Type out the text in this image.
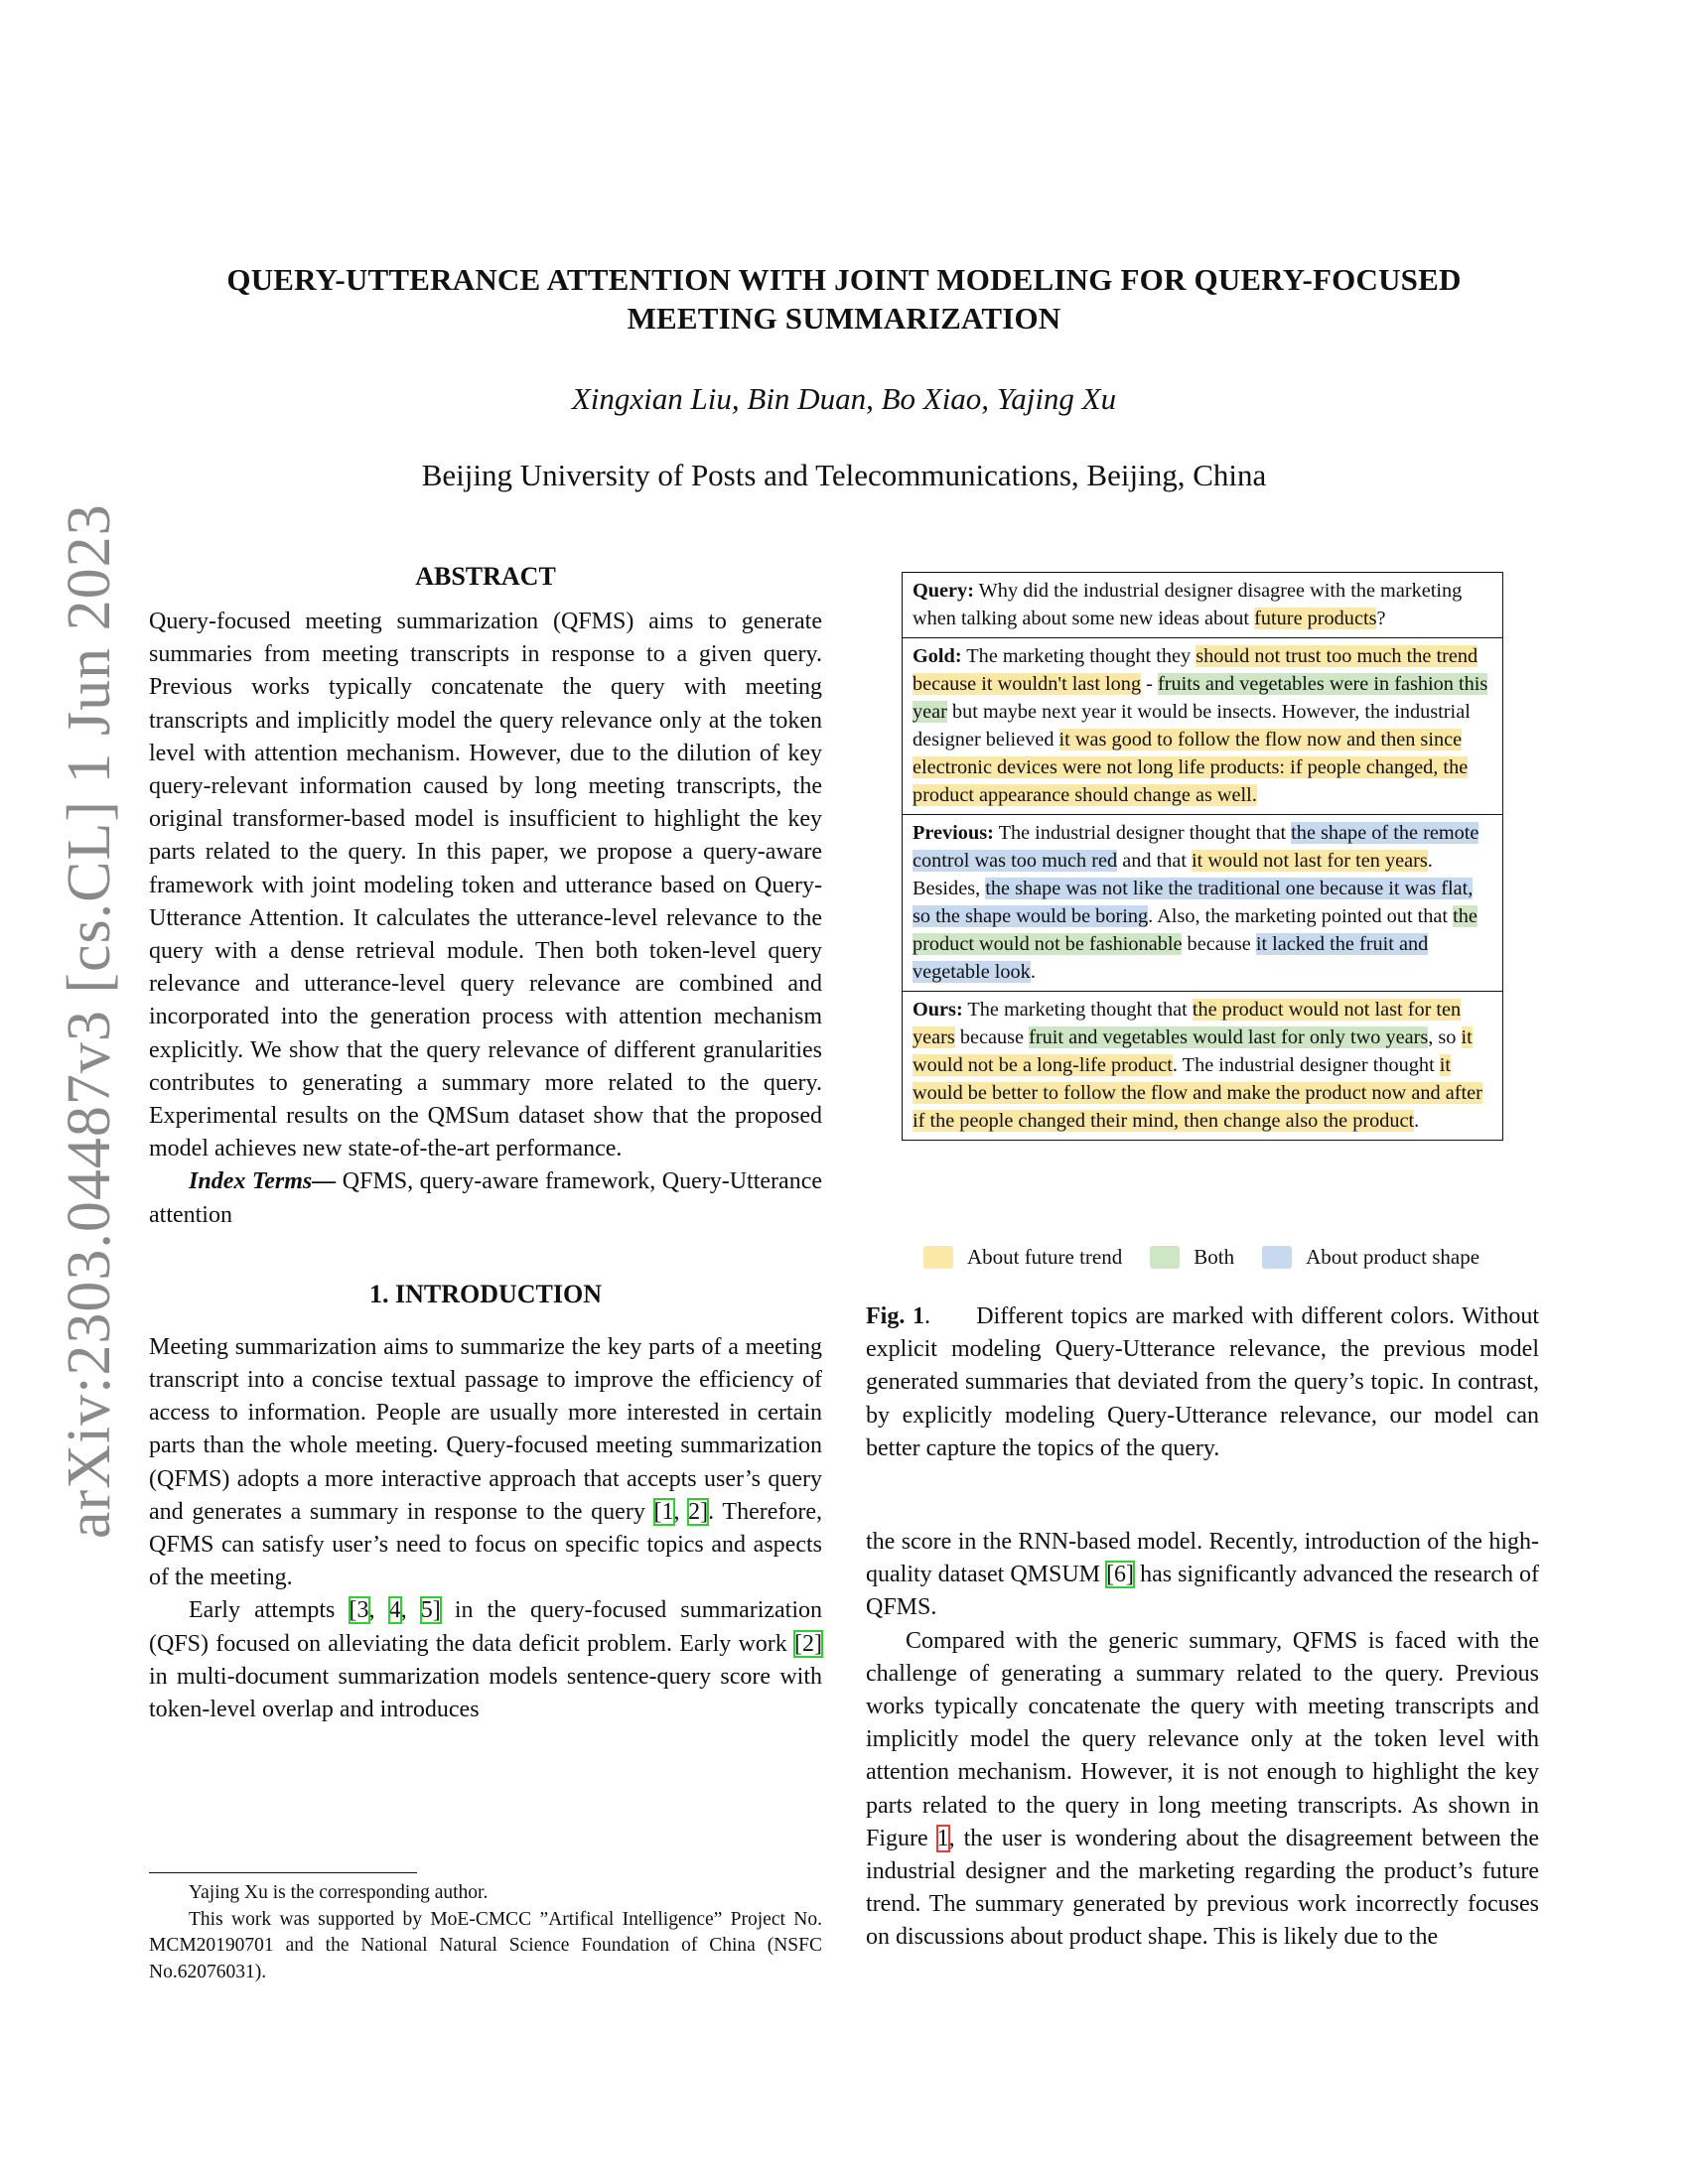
arXiv:2303.04487v3 [cs.CL] 1 Jun 2023
QUERY-UTTERANCE ATTENTION WITH JOINT MODELING FOR QUERY-FOCUSED
MEETING SUMMARIZATION
Xingxian Liu, Bin Duan, Bo Xiao, Yajing Xu
Beijing University of Posts and Telecommunications, Beijing, China
ABSTRACT

Query-focused meeting summarization (QFMS) aims to generate summaries from meeting transcripts in response to a given query. Previous works typically concatenate the query with meeting transcripts and implicitly model the query relevance only at the token level with attention mechanism. However, due to the dilution of key query-relevant information caused by long meeting transcripts, the original transformer-based model is insufficient to highlight the key parts related to the query. In this paper, we propose a query-aware framework with joint modeling token and utterance based on Query-Utterance Attention. It calculates the utterance-level relevance to the query with a dense retrieval module. Then both token-level query relevance and utterance-level query relevance are combined and incorporated into the generation process with attention mechanism explicitly. We show that the query relevance of different granularities contributes to generating a summary more related to the query. Experimental results on the QMSum dataset show that the proposed model achieves new state-of-the-art performance.

Index Terms— QFMS, query-aware framework, Query-Utterance attention

1. INTRODUCTION

Meeting summarization aims to summarize the key parts of a meeting transcript into a concise textual passage to improve the efficiency of access to information. People are usually more interested in certain parts than the whole meeting. Query-focused meeting summarization (QFMS) adopts a more interactive approach that accepts user’s query and generates a summary in response to the query [1, 2]. Therefore, QFMS can satisfy user’s need to focus on specific topics and aspects of the meeting.

Early attempts [3, 4, 5] in the query-focused summarization (QFS) focused on alleviating the data deficit problem. Early work [2] in multi-document summarization models sentence-query score with token-level overlap and introduces

Yajing Xu is the corresponding author.

This work was supported by MoE-CMCC ”Artifical Intelligence” Project No. MCM20190701 and the National Natural Science Foundation of China (NSFC No.62076031).

Query: Why did the industrial designer disagree with the marketing when talking about some new ideas about future products?
Gold: The marketing thought they should not trust too much the trend because it wouldn't last long - fruits and vegetables were in fashion this year but maybe next year it would be insects. However, the industrial designer believed it was good to follow the flow now and then since electronic devices were not long life products: if people changed, the product appearance should change as well.
Previous: The industrial designer thought that the shape of the remote control was too much red and that it would not last for ten years. Besides, the shape was not like the traditional one because it was flat, so the shape would be boring. Also, the marketing pointed out that the product would not be fashionable because it lacked the fruit and vegetable look.
Ours: The marketing thought that the product would not last for ten years because fruit and vegetables would last for only two years, so it would not be a long-life product. The industrial designer thought it would be better to follow the flow and make the product now and after if the people changed their mind, then change also the product.
About future trend	Both	About product shape

Fig. 1.      Different topics are marked with different colors. Without explicit modeling Query-Utterance relevance, the previous model generated summaries that deviated from the query’s topic. In contrast, by explicitly modeling Query-Utterance relevance, our model can better capture the topics of the query.

the score in the RNN-based model. Recently, introduction of the high-quality dataset QMSUM [6] has significantly advanced the research of QFMS.

Compared with the generic summary, QFMS is faced with the challenge of generating a summary related to the query. Previous works typically concatenate the query with meeting transcripts and implicitly model the query relevance only at the token level with attention mechanism. However, it is not enough to highlight the key parts related to the query in long meeting transcripts. As shown in Figure 1, the user is wondering about the disagreement between the industrial designer and the marketing regarding the product’s future trend. The summary generated by previous work incorrectly focuses on discussions about product shape. This is likely due to the
